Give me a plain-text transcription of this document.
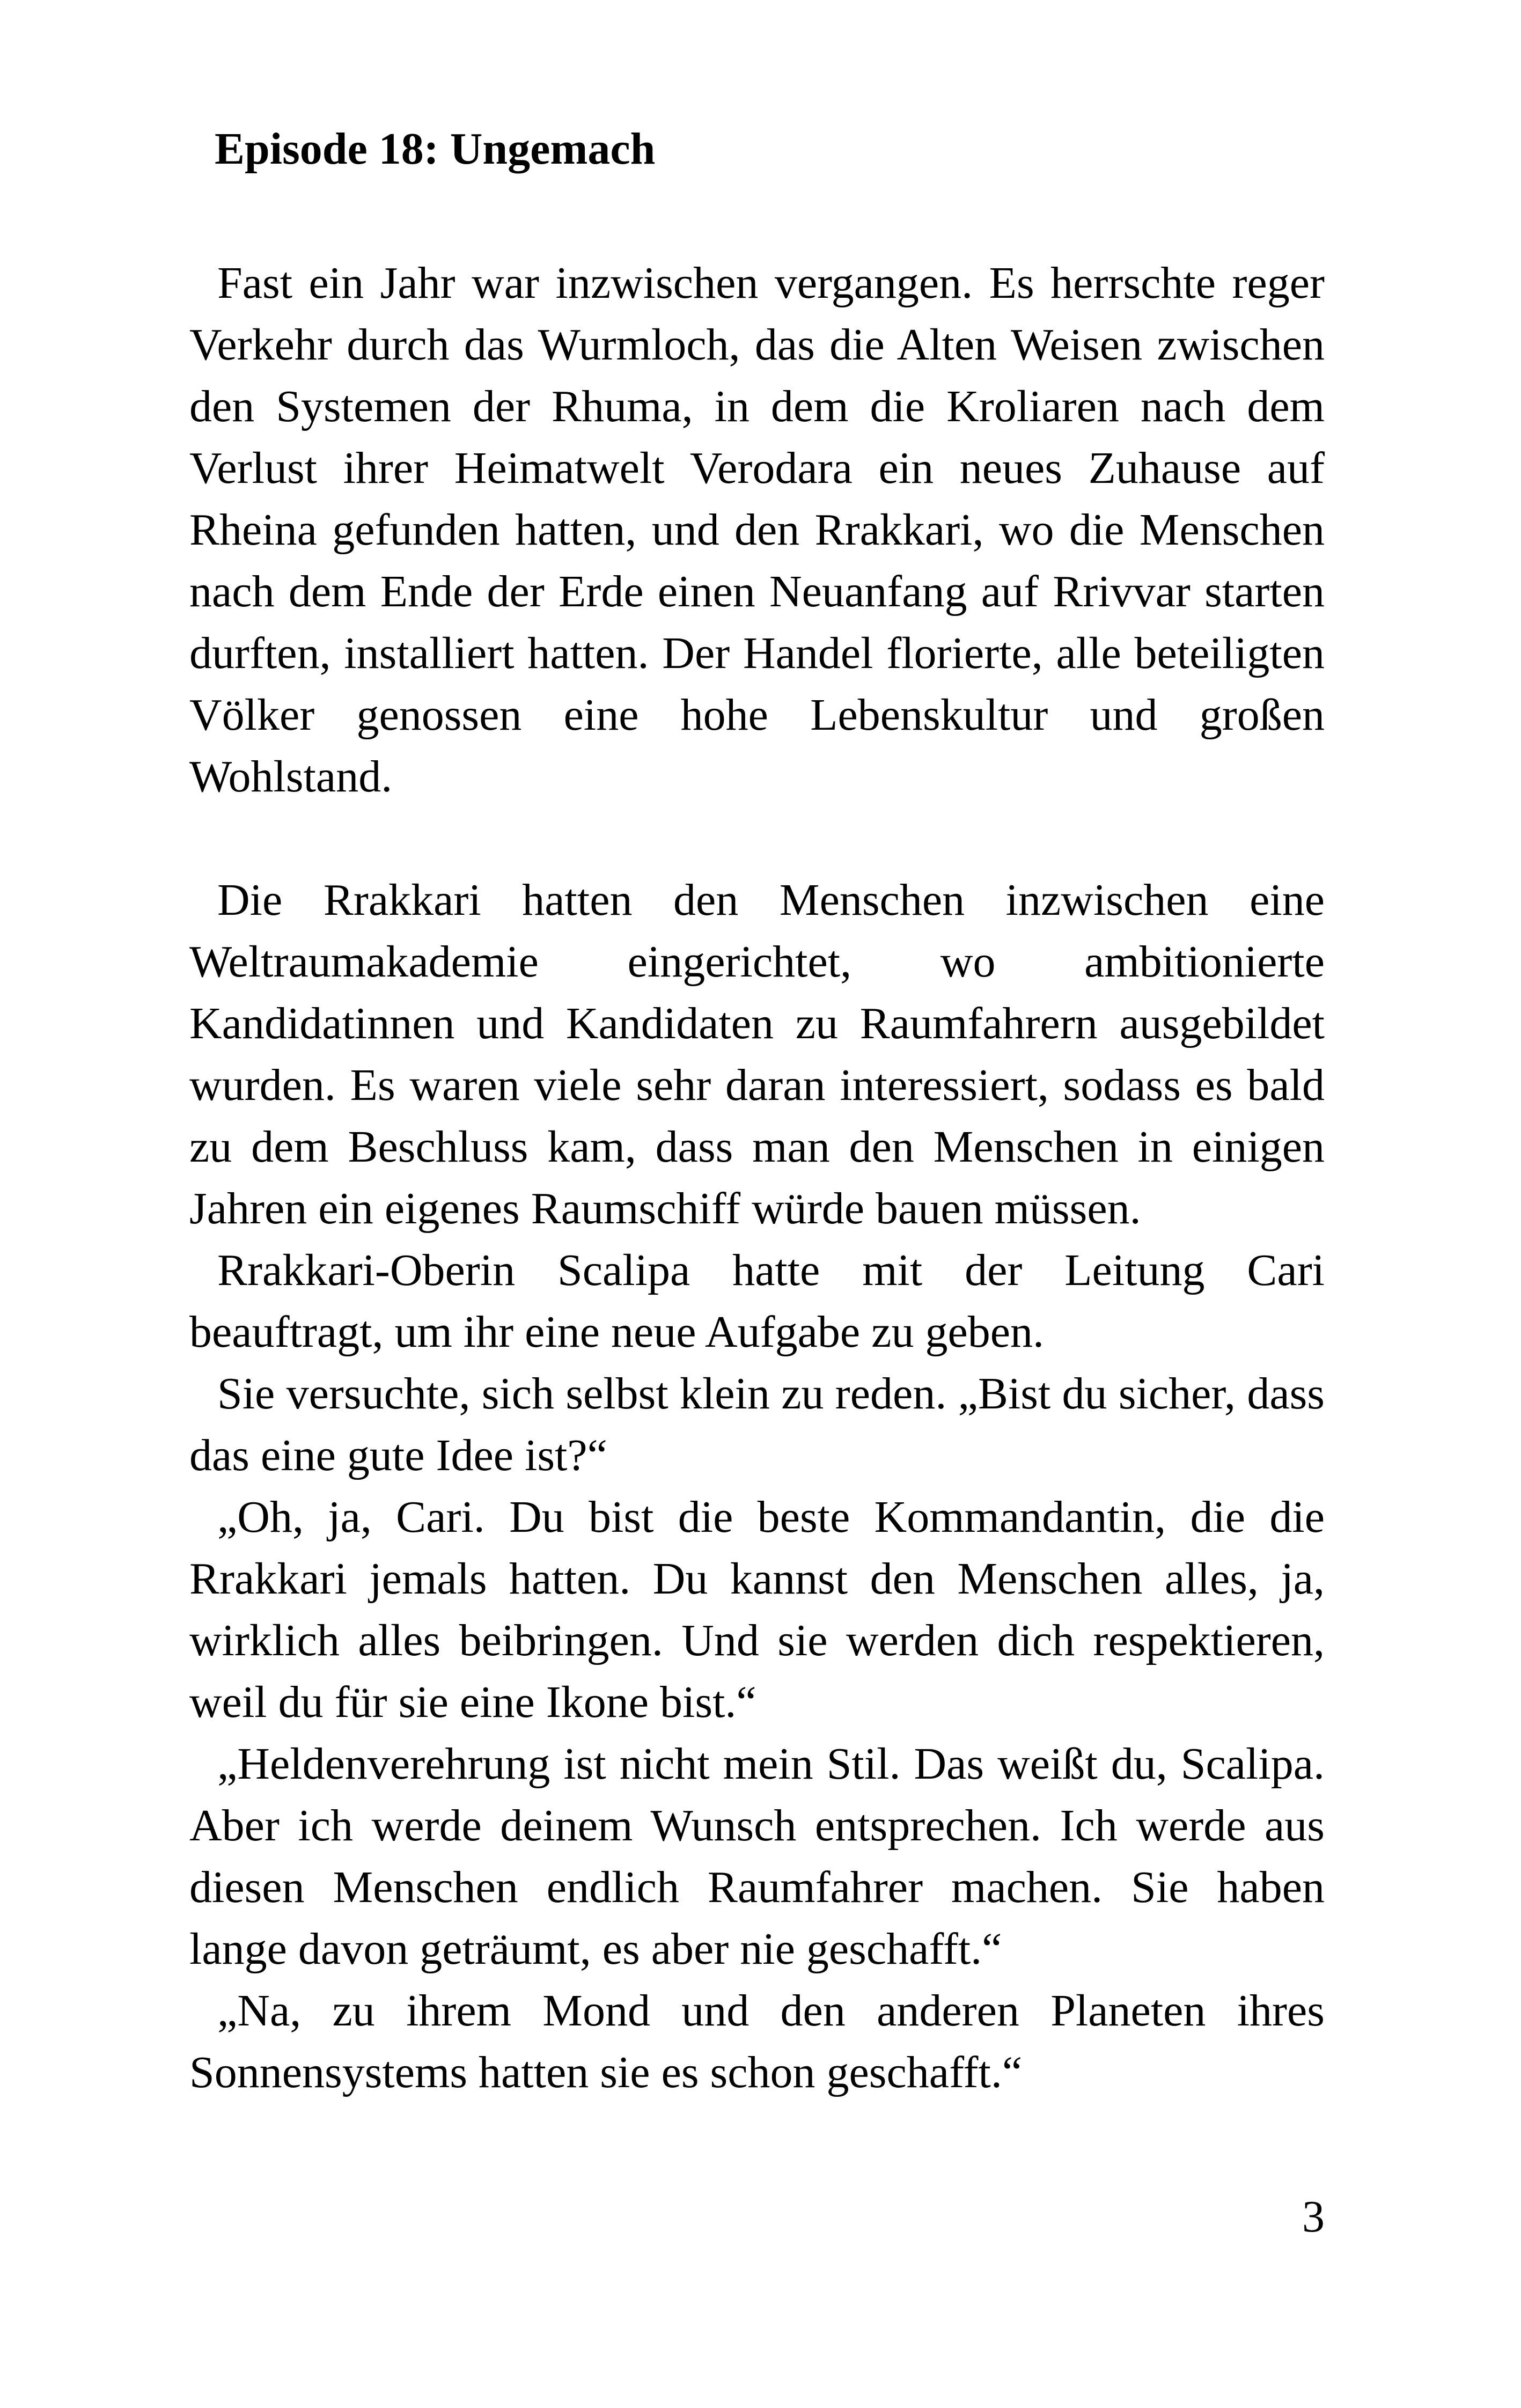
Episode 18: Ungemach

Fast ein Jahr war inzwischen vergangen. Es herrschte reger Verkehr durch das Wurmloch, das die Alten Weisen zwischen den Systemen der Rhuma, in dem die Kroliaren nach dem Verlust ihrer Heimatwelt Verodara ein neues Zuhause auf Rheina gefunden hatten, und den Rrakkari, wo die Menschen nach dem Ende der Erde einen Neuanfang auf Rrivvar starten durften, installiert hatten. Der Handel florierte, alle beteiligten Völker genossen eine hohe Lebenskultur und großen Wohlstand.

Die Rrakkari hatten den Menschen inzwischen eine Weltraumakademie eingerichtet, wo ambitionierte Kandidatinnen und Kandidaten zu Raumfahrern ausgebildet wurden. Es waren viele sehr daran interessiert, sodass es bald zu dem Beschluss kam, dass man den Menschen in einigen Jahren ein eigenes Raumschiff würde bauen müssen.

Rrakkari-Oberin Scalipa hatte mit der Leitung Cari beauftragt, um ihr eine neue Aufgabe zu geben.

Sie versuchte, sich selbst klein zu reden. „Bist du sicher, dass das eine gute Idee ist?“

„Oh, ja, Cari. Du bist die beste Kommandantin, die die Rrakkari jemals hatten. Du kannst den Menschen alles, ja, wirklich alles beibringen. Und sie werden dich respektieren, weil du für sie eine Ikone bist.“

„Heldenverehrung ist nicht mein Stil. Das weißt du, Scalipa. Aber ich werde deinem Wunsch entsprechen. Ich werde aus diesen Menschen endlich Raumfahrer machen. Sie haben lange davon geträumt, es aber nie geschafft.“

„Na, zu ihrem Mond und den anderen Planeten ihres Sonnensystems hatten sie es schon geschafft.“

3
